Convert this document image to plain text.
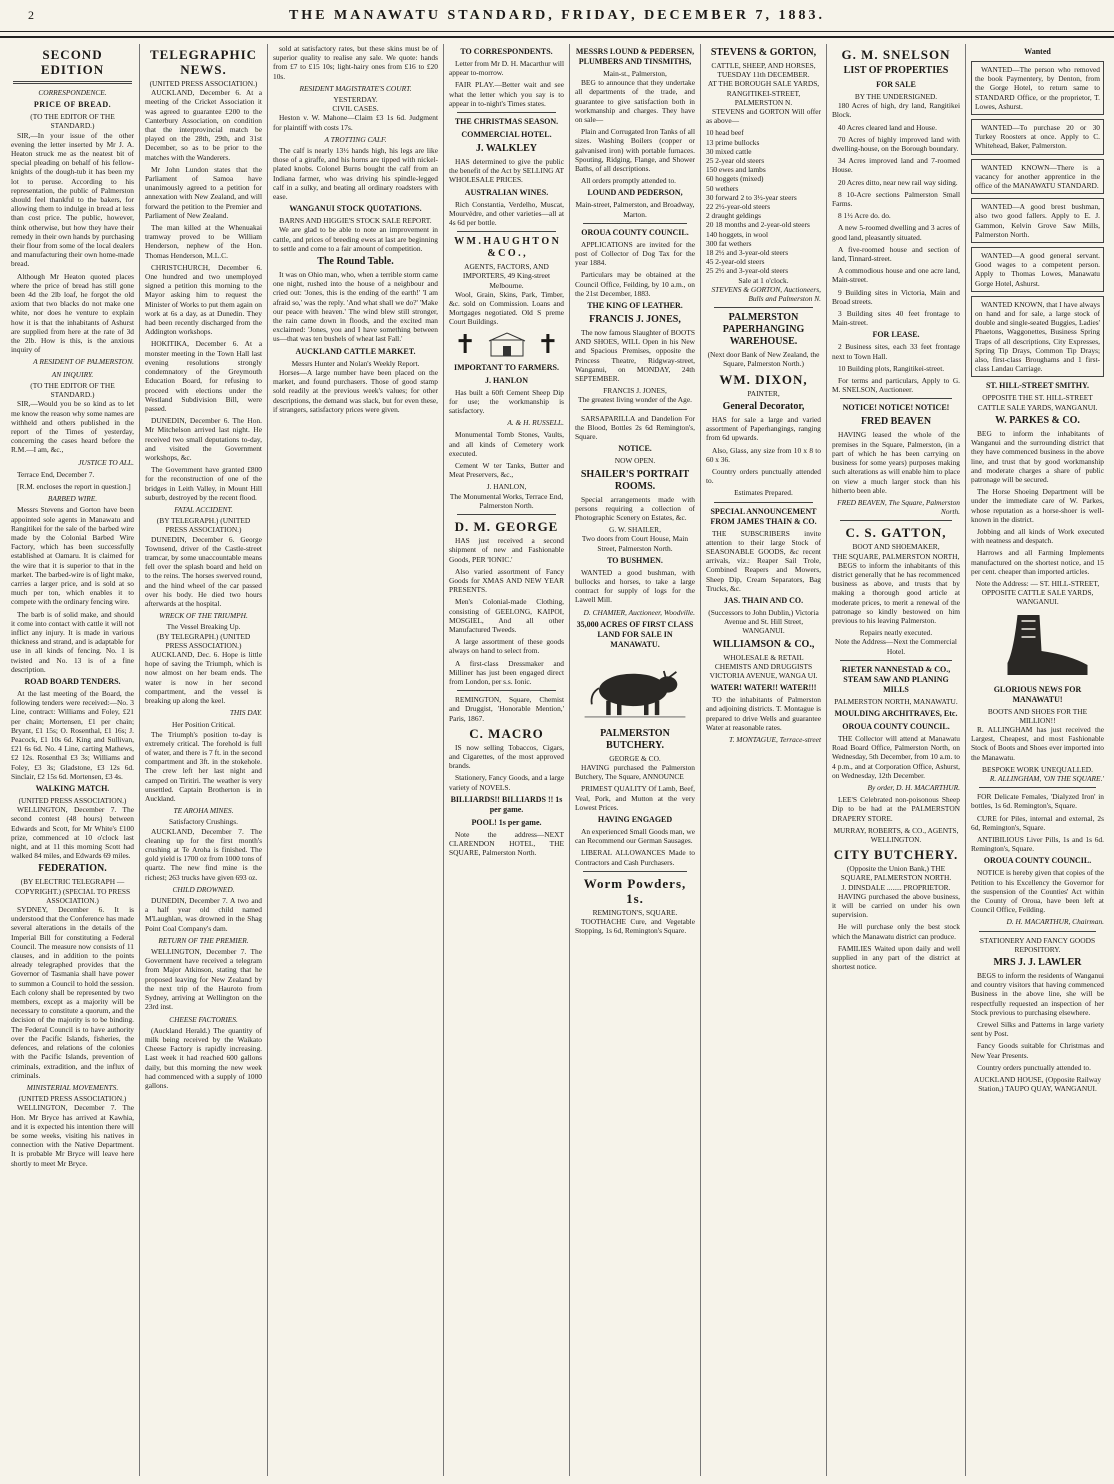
2	THE MANAWATU STANDARD, FRIDAY, DECEMBER 7, 1883.
SECOND EDITION
CORRESPONDENCE.
PRICE OF BREAD.
(TO THE EDITOR OF THE STANDARD.)

SIR,—In your issue of the other evening the letter inserted by Mr J. A. Heaton struck me as the neatest bit of special pleading on behalf of his fellow-knights of the dough-tub it has been my lot to peruse. According to his representation, the public of Palmerston should feel thankful to the bakers, for allowing them to indulge in bread at less than cost price. The public, however, think otherwise, but how they have their remedy in their own hands by purchasing their flour from some of the local dealers and manufacturing their own home-made bread.

Although Mr Heaton quoted places where the price of bread has still gone been 4d the 2lb loaf, he forgot the old axiom that two blacks do not make one white, nor does he venture to explain how it is that the inhabitants of Ashurst are supplied from here at the rate of 3d the 2lb. How is this, is the anxious inquiry of

A RESIDENT OF PALMERSTON.
AN INQUIRY.
(TO THE EDITOR OF THE STANDARD.)

SIR,—Would you be so kind as to let me know the reason why some names are withheld and others published in the report of the Times of yesterday, concerning the cases heard before the R.M.—I am, &c.,

JUSTICE TO ALL.

Terrace End, December 7.

[R.M. encloses the report in question.]

BARBED WIRE.

Messrs Stevens and Gorton have been appointed sole agents in Manawatu and Rangitikei for the sale of the barbed wire made by the Colonial Barbed Wire Factory, which has been successfully established at Oamaru. It is claimed for the wire that it is superior to that in the market. The barbed-wire is of light make, carries a larger price, and is sold at so much per ton, which enables it to compete with the ordinary fencing wire.

The barb is of solid make, and should it come into contact with cattle it will not inflict any injury. It is made in various thickness and strand, and is adaptable for use in all kinds of fencing. No. 1 is twisted and No. 13 is of a fine description.

ROAD BOARD TENDERS.

At the last meeting of the Board, the following tenders were received:—No. 3 Line, contract: Williams and Foley, £21 per chain; Mortensen, £1 per chain; Bryant, £1 15s; O. Rosenthal, £1 16s; J. Peacock, £1 10s 6d. King and Sullivan, £21 6s 6d. No. 4 Line, carting Mathews, £2 12s. Rosenthal £3 3s; Williams and Foley, £3 3s; Gladstone, £3 12s 6d. Sinclair, £2 15s 6d. Mortensen, £3 4s.

WALKING MATCH.
(UNITED PRESS ASSOCIATION.)

WELLINGTON, December 7. The second contest (48 hours) between Edwards and Scott, for Mr White's £100 prize, commenced at 10 o'clock last night, and at 11 this morning Scott had walked 84 miles, and Edwards 69 miles.

FEDERATION.
(BY ELECTRIC TELEGRAPH — COPYRIGHT.) (SPECIAL TO PRESS ASSOCIATION.)

SYDNEY, December 6. It is understood that the Conference has made several alterations in the details of the Imperial Bill for constituting a Federal Council. The measure now consists of 11 clauses, and in addition to the points already telegraphed provides that the Governor of Tasmania shall have power to summon a Council to hold the session. Each colony shall be represented by two members, except as a majority will be necessary to constitute a quorum, and the decision of the majority is to be binding. The Federal Council is to have authority over the Pacific Islands, fisheries, the defences, and relations of the colonies with the Pacific Islands, prevention of criminals, extradition, and the influx of criminals.

MINISTERIAL MOVEMENTS.
(UNITED PRESS ASSOCIATION.)

WELLINGTON, December 7. The Hon. Mr Bryce has arrived at Kawhia, and it is expected his intention there will be some weeks, visiting his natives in connection with the Native Department. It is probable Mr Bryce will leave here shortly to meet Mr Bryce.

TELEGRAPHIC NEWS.
(UNITED PRESS ASSOCIATION.)

AUCKLAND, December 6. At a meeting of the Cricket Association it was agreed to guarantee £200 to the Canterbury Association, on condition that the interprovincial match be played on the 28th, 29th, and 31st December, so as to be prior to the matches with the Wanderers.

Mr John Lundon states that the Parliament of Samoa have unanimously agreed to a petition for annexation with New Zealand, and will forward the petition to the Premier and Parliament of New Zealand.

The man killed at the Whenuakai tramway proved to be William Henderson, nephew of the Hon. Thomas Henderson, M.L.C.

CHRISTCHURCH, December 6. One hundred and two unemployed signed a petition this morning to the Mayor asking him to request the Minister of Works to put them again on work at 6s a day, as at Dunedin. They had been recently discharged from the Addington workshops.

HOKITIKA, December 6. At a monster meeting in the Town Hall last evening resolutions strongly condemnatory of the Greymouth Education Board, for refusing to proceed with elections under the Westland Subdivision Bill, were passed.

DUNEDIN, December 6. The Hon. Mr Mitchelson arrived last night. He received two small deputations to-day, and visited the Government workshops, &c.

The Government have granted £800 for the reconstruction of one of the bridges in Leith Valley, in Mount Hill suburb, destroyed by the recent flood.

FATAL ACCIDENT.
(BY TELEGRAPH.) (UNITED PRESS ASSOCIATION.)

DUNEDIN, December 6. George Townsend, driver of the Castle-street tramcar, by some unaccountable means fell over the splash board and held on to the reins. The horses swerved round, and the hind wheel of the car passed over his body. He died two hours afterwards at the hospital.

WRECK OF THE TRIUMPH.
The Vessel Breaking Up.
(BY TELEGRAPH.) (UNITED PRESS ASSOCIATION.)

AUCKLAND, Dec. 6. Hope is little hope of saving the Triumph, which is now almost on her beam ends. The water is now in her second compartment, and the vessel is breaking up along the keel.

THIS DAY.
Her Position Critical.

The Triumph's position to-day is extremely critical. The forehold is full of water, and there is 7 ft. in the second compartment and 3ft. in the stokehole. The crew left her last night and camped on Tiritiri. The weather is very unsettled. Captain Brotherton is in Auckland.

TE AROHA MINES.
Satisfactory Crushings.

AUCKLAND, December 7. The cleaning up for the first month's crushing at Te Aroha is finished. The gold yield is 1700 oz from 1000 tons of quartz. The new find mine is the richest; 263 trucks have given 693 oz.

CHILD DROWNED.

DUNEDIN, December 7. A two and a half year old child named M'Laughlan, was drowned in the Shag Point Coal Company's dam.

RETURN OF THE PREMIER.

WELLINGTON, December 7. The Government have received a telegram from Major Atkinson, stating that he proposed leaving for New Zealand by the next trip of the Hauroto from Sydney, arriving at Wellington on the 23rd inst.

CHEESE FACTORIES.

(Auckland Herald.) The quantity of milk being received by the Waikato Cheese Factory is rapidly increasing. Last week it had reached 600 gallons daily, but this morning the new week had commenced with a supply of 1000 gallons.

sold at satisfactory rates, but these skins must be of superior quality to realise any sale. We quote: hands from £7 to £15 10s; light-hairy ones from £16 to £20 10s.

RESIDENT MAGISTRATE'S COURT.
YESTERDAY.
CIVIL CASES.

Heston v. W. Mahone—Claim £3 1s 6d. Judgment for plaintiff with costs 17s.

A TROTTING CALF.

The calf is nearly 13½ hands high, his legs are like those of a giraffe, and his horns are tipped with nickel-plated knobs. Colonel Burns bought the calf from an Indiana farmer, who was driving his spindle-legged calf in a sulky, and beating all ordinary roadsters with ease.

WANGANUI STOCK QUOTATIONS.
BARNS AND HIGGIE'S STOCK SALE REPORT.

We are glad to be able to note an improvement in cattle, and prices of breeding ewes at last are beginning to settle and come to a fair amount of competition.

The Round Table.

It was on Ohio man, who, when a terrible storm came one night, rushed into the house of a neighbour and cried out: 'Jones, this is the ending of the earth!' 'I am afraid so,' was the reply. 'And what shall we do?' 'Make our peace with heaven.' The wind blew still stronger, the rain came down in floods, and the excited man exclaimed: 'Jones, you and I have something between us—that was ten bushels of wheat last Fall.'

AUCKLAND CATTLE MARKET.
Messrs Hunter and Nolan's Weekly Report.

Horses—A large number have been placed on the market, and found purchasers. Those of good stamp sold readily at the previous week's values; for other descriptions, the demand was slack, but for even these, if strangers, satisfactory prices were given.

TO CORRESPONDENTS.

Letter from Mr D. H. Macarthur will appear to-morrow.

FAIR PLAY.—Better wait and see what the letter which you say is to appear in to-night's Times states.

THE CHRISTMAS SEASON.
COMMERCIAL HOTEL.
J. WALKLEY

HAS determined to give the public the benefit of the Act by SELLING AT WHOLESALE PRICES.

AUSTRALIAN WINES.

Rich Constantia, Verdelho, Muscat, Mourvèdre, and other varieties—all at 4s 6d per bottle.

W M . H A U G H T O N & C O . ,
AGENTS, FACTORS, AND IMPORTERS, 49 King-street Melbourne.

Wool, Grain, Skins, Park, Timber, &c. sold on Commission. Loans and Mortgages negotiated. Old S preme Court Buildings.

✝ ✝
IMPORTANT TO FARMERS.
J. HANLON

Has built a 60ft Cement Sheep Dip for use; the workmanship is satisfactory.

A. & H. RUSSELL.

Monumental Tomb Stones, Vaults, and all kinds of Cemetery work executed.

Cement W ter Tanks, Butter and Meat Preservers, &c.,

J. HANLON,
The Monumental Works, Terrace End, Palmerston North.
D. M. GEORGE

HAS just received a second shipment of new and Fashionable Goods, PER 'IONIC.'

Also varied assortment of Fancy Goods for XMAS AND NEW YEAR PRESENTS.

Men's Colonial-made Clothing, consisting of GEELONG, KAIPOI, MOSGIEL, And all other Manufactured Tweeds.

A large assortment of these goods always on hand to select from.

A first-class Dressmaker and Milliner has just been engaged direct from London, per s.s. Ionic.

REMINGTON, Square, Chemist and Druggist, 'Honorable Mention,' Paris, 1867.

C. MACRO

IS now selling Tobaccos, Cigars, and Cigarettes, of the most approved brands.

Stationery, Fancy Goods, and a large variety of NOVELS.

BILLIARDS!! BILLIARDS !! 1s per game.
POOL! 1s per game.

Note the address—NEXT CLARENDON HOTEL, THE SQUARE, Palmerston North.

MESSRS LOUND & PEDERSEN, PLUMBERS AND TINSMITHS,
Main-st., Palmerston,

BEG to announce that they undertake all departments of the trade, and guarantee to give satisfaction both in workmanship and charges. They have on sale—

Plain and Corrugated Iron Tanks of all sizes. Washing Boilers (copper or galvanised iron) with portable furnaces. Spouting, Ridging, Flange, and Shower Baths, of all descriptions.

All orders promptly attended to.

LOUND AND PEDERSON,
Main-street, Palmerston, and Broadway, Marton.
OROUA COUNTY COUNCIL.

APPLICATIONS are invited for the post of Collector of Dog Tax for the year 1884.

Particulars may be obtained at the Council Office, Feilding, by 10 a.m., on the 21st December, 1883.

THE KING OF LEATHER.
FRANCIS J. JONES,

The now famous Slaughter of BOOTS AND SHOES, WILL Open in his New and Spacious Premises, opposite the Princess Theatre, Ridgway-street, Wanganui, on MONDAY, 24th SEPTEMBER.

FRANCIS J. JONES,
The greatest living wonder of the Age.

SARSAPARILLA and Dandelion For the Blood, Bottles 2s 6d Remington's, Square.

NOTICE.
NOW OPEN.
SHAILER'S PORTRAIT ROOMS.

Special arrangements made with persons requiring a collection of Photographic Scenery on Estates, &c.

G. W. SHAILER,
Two doors from Court House, Main Street, Palmerston North.
TO BUSHMEN.

WANTED a good bushman, with bullocks and horses, to take a large contract for supply of logs for the Lawell Mill.

D. CHAMIER, Auctioneer, Woodville.
35,000 ACRES OF FIRST CLASS LAND FOR SALE IN MANAWATU.
PALMERSTON BUTCHERY.
GEORGE & CO.

HAVING purchased the Palmerston Butchery, The Square, ANNOUNCE

PRIMEST QUALITY Of Lamb, Beef, Veal, Pork, and Mutton at the very Lowest Prices.

HAVING ENGAGED

An experienced Small Goods man, we can Recommend our German Sausages.

LIBERAL ALLOWANCES Made to Contractors and Cash Purchasers.

Worm Powders, 1s.
REMINGTON'S, SQUARE.

TOOTHACHE Cure, and Vegetable Stopping, 1s 6d, Remington's Square.

STEVENS & GORTON,
CATTLE, SHEEP, AND HORSES,
TUESDAY 11th DECEMBER.
AT THE BOROUGH SALE YARDS, RANGITIKEI-STREET, PALMERSTON N.

STEVENS and GORTON Will offer as above—

10 head beef
13 prime bullocks
30 mixed cattle
25 2-year old steers
150 ewes and lambs
60 hoggets (mixed)
50 wethers
30 forward 2 to 3½-year steers
22 2½-year-old steers
2 draught geldings
20 18 months and 2-year-old steers
140 hoggets, in wool
300 fat wethers
18 2½ and 3-year-old steers
45 2-year-old steers
25 2½ and 3-year-old steers
Sale at 1 o'clock.
STEVENS & GORTON, Auctioneers, Bulls and Palmerston N.
PALMERSTON PAPERHANGING WAREHOUSE.
(Next door Bank of New Zealand, the Square, Palmerston North.)
WM. DIXON,
PAINTER,
General Decorator,

HAS for sale a large and varied assortment of Paperhangings, ranging from 6d upwards.

Also, Glass, any size from 10 x 8 to 60 x 36.

Country orders punctually attended to.

Estimates Prepared.
SPECIAL ANNOUNCEMENT FROM JAMES THAIN & CO.

THE SUBSCRIBERS invite attention to their large Stock of SEASONABLE GOODS, &c recent arrivals, viz.: Reaper Sail Trole, Combined Reapers and Mowers, Sheep Dip, Cream Separators, Bag Trucks, &c.

JAS. THAIN AND CO.
(Successors to John Dublin,) Victoria Avenue and St. Hill Street, WANGANUI.
WILLIAMSON & CO.,
WHOLESALE & RETAIL CHEMISTS AND DRUGGISTS
VICTORIA AVENUE, WANGA UI.
WATER! WATER!! WATER!!!

TO the inhabitants of Palmerston and adjoining districts. T. Montague is prepared to drive Wells and guarantee Water at reasonable rates.

T. MONTAGUE, Terrace-street
G. M. SNELSON
LIST OF PROPERTIES
FOR SALE
BY THE UNDERSIGNED.

180 Acres of high, dry land, Rangitikei Block.

40 Acres cleared land and House.

70 Acres of highly improved land with dwelling-house, on the Borough boundary.

34 Acres improved land and 7-roomed House.

20 Acres ditto, near new rail way siding.

8 10-Acre sections Palmerston Small Farms.

8 1½ Acre do. do.

A new 5-roomed dwelling and 3 acres of good land, pleasantly situated.

A five-roomed house and section of land, Tinnard-street.

A commodious house and one acre land, Main-street.

9 Building sites in Victoria, Main and Broad streets.

3 Building sites 40 feet frontage to Main-street.

FOR LEASE.

2 Business sites, each 33 feet frontage next to Town Hall.

10 Building plots, Rangitikei-street.

For terms and particulars, Apply to G. M. SNELSON, Auctioneer.

NOTICE! NOTICE! NOTICE!
FRED BEAVEN

HAVING leased the whole of the premises in the Square, Palmerston, (in a part of which he has been carrying on business for some years) purposes making such alterations as will enable him to place on view a much larger stock than his hitherto been able.

FRED BEAVEN, The Square, Palmerston North.
C. S. GATTON,
BOOT AND SHOEMAKER,
THE SQUARE, PALMERSTON NORTH,

BEGS to inform the inhabitants of this district generally that he has recommenced business as above, and trusts that by making a thorough good article at moderate prices, to merit a renewal of the patronage so kindly bestowed on him previous to his leaving Palmerston.

Repairs neatly executed.
Note the Address—Next the Commercial Hotel.
RIETER NANNESTAD & CO., STEAM SAW AND PLANING MILLS
PALMERSTON NORTH, MANAWATU.
MOULDING ARCHITRAVES, Etc.
OROUA COUNTY COUNCIL.

THE Collector will attend at Manawatu Road Board Office, Palmerston North, on Wednesday, 5th December, from 10 a.m. to 4 p.m., and at Corporation Office, Ashurst, on Wednesday, 12th December.

By order, D. H. MACARTHUR.

LEE'S Celebrated non-poisonous Sheep Dip to be had at the PALMERSTON DRAPERY STORE.

MURRAY, ROBERTS, & CO., AGENTS, WELLINGTON.
CITY BUTCHERY.
(Opposite the Union Bank,) THE SQUARE, PALMERSTON NORTH.
J. DINSDALE ........ PROPRIETOR.

HAVING purchased the above business, it will be carried on under his own supervision.

He will purchase only the best stock which the Manawatu district can produce.

FAMILIES Waited upon daily and well supplied in any part of the district at shortest notice.

Wanted

WANTED—The person who removed the book Paymentery, by Denton, from the Gorge Hotel, to return same to STANDARD Office, or the proprietor, T. Lowes, Ashurst.

WANTED—To purchase 20 or 30 Turkey Roosters at once. Apply to C. Whitehead, Baker, Palmerston.

WANTED KNOWN—There is a vacancy for another apprentice in the office of the MANAWATU STANDARD.

WANTED—A good brest bushman, also two good fallers. Apply to E. J. Gammon, Kelvin Grove Saw Mills, Palmerston North.

WANTED—A good general servant. Good wages to a competent person. Apply to Thomas Lowes, Manawatu Gorge Hotel, Ashurst.

WANTED KNOWN, that I have always on hand and for sale, a large stock of double and single-seated Buggies, Ladies' Phaetons, Waggonettes, Business Spring Traps of all descriptions, City Expresses, Spring Tip Drays, Common Tip Drays; also, first-class Broughams and 1 first-class Landau Carriage.

ST. HILL-STREET SMITHY.
OPPOSITE THE ST. HILL-STREET CATTLE SALE YARDS, WANGANUI.
W. PARKES & CO.

BEG to inform the inhabitants of Wanganui and the surrounding district that they have commenced business in the above line, and trust that by good workmanship and moderate charges a share of public patronage will be secured.

The Horse Shoeing Department will be under the immediate care of W. Parkes, whose reputation as a horse-shoer is well-known in the district.

Jobbing and all kinds of Work executed with neatness and despatch.

Harrows and all Farming Implements manufactured on the shortest notice, and 15 per cent. cheaper than imported articles.

Note the Address: — ST. HILL-STREET, OPPOSITE CATTLE SALE YARDS, WANGANUI.
GLORIOUS NEWS FOR MANAWATU!
BOOTS AND SHOES FOR THE MILLION!!

R. ALLINGHAM has just received the Largest, Cheapest, and most Fashionable Stock of Boots and Shoes ever imported into the Manawatu.

BESPOKE WORK UNEQUALLED.
R. ALLINGHAM, 'ON THE SQUARE.'

FOR Delicate Females, 'Dialyzed Iron' in bottles, 1s 6d. Remington's, Square.

CURE for Piles, internal and external, 2s 6d, Remington's, Square.

ANTIBILIOUS Liver Pills, 1s and 1s 6d. Remington's, Square.

OROUA COUNTY COUNCIL.

NOTICE is hereby given that copies of the Petition to his Excellency the Governor for the suspension of the Counties' Act within the County of Oroua, have been left at Council Office, Feilding.

D. H. MACARTHUR, Chairman.
STATIONERY AND FANCY GOODS REPOSITORY.
MRS J. J. LAWLER

BEGS to inform the residents of Wanganui and country visitors that having commenced Business in the above line, she will be respectfully requested an inspection of her Stock previous to purchasing elsewhere.

Crewel Silks and Patterns in large variety sent by Post.

Fancy Goods suitable for Christmas and New Year Presents.

Country orders punctually attended to.

AUCKLAND HOUSE, (Opposite Railway Station,) TAUPO QUAY, WANGANUI.
